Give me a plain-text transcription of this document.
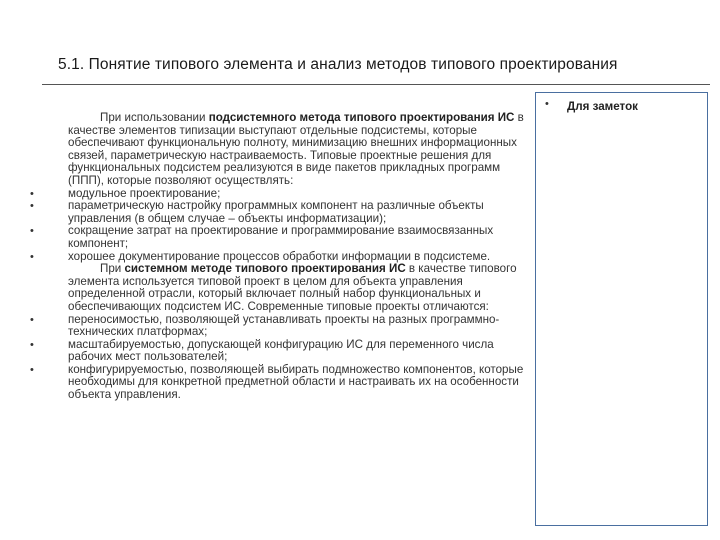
5.1. Понятие типового элемента и анализ методов типового проектирования

При использовании подсистемного метода типового проектирования ИС в качестве элементов типизации выступают отдельные подсистемы, которые обеспечивают функциональную полноту, минимизацию внешних информационных связей, параметрическую настраиваемость. Типовые проектные решения для функциональных подсистем реализуются в виде пакетов прикладных программ (ППП), которые позволяют осуществлять:

•	модульное проектирование;
•	параметрическую настройку программных компонент на различные объекты управления (в общем случае – объекты информатизации);
•	сокращение затрат на проектирование и программирование взаимосвязанных компонент;
•	хорошее документирование процессов обработки информации в подсистеме.

При системном методе типового проектирования ИС в качестве типового элемента используется типовой проект в целом для объекта управления определенной отрасли, который включает полный набор функциональных и обеспечивающих подсистем ИС. Современные типовые проекты отличаются:

•	переносимостью, позволяющей устанавливать проекты на разных программно-технических платформах;
•	масштабируемостью, допускающей конфигурацию ИС для переменного числа рабочих мест пользователей;
•	конфигурируемостью, позволяющей выбирать подмножество компонентов, которые необходимы для конкретной предметной области и настраивать их на особенности объекта управления.
• Для заметок
